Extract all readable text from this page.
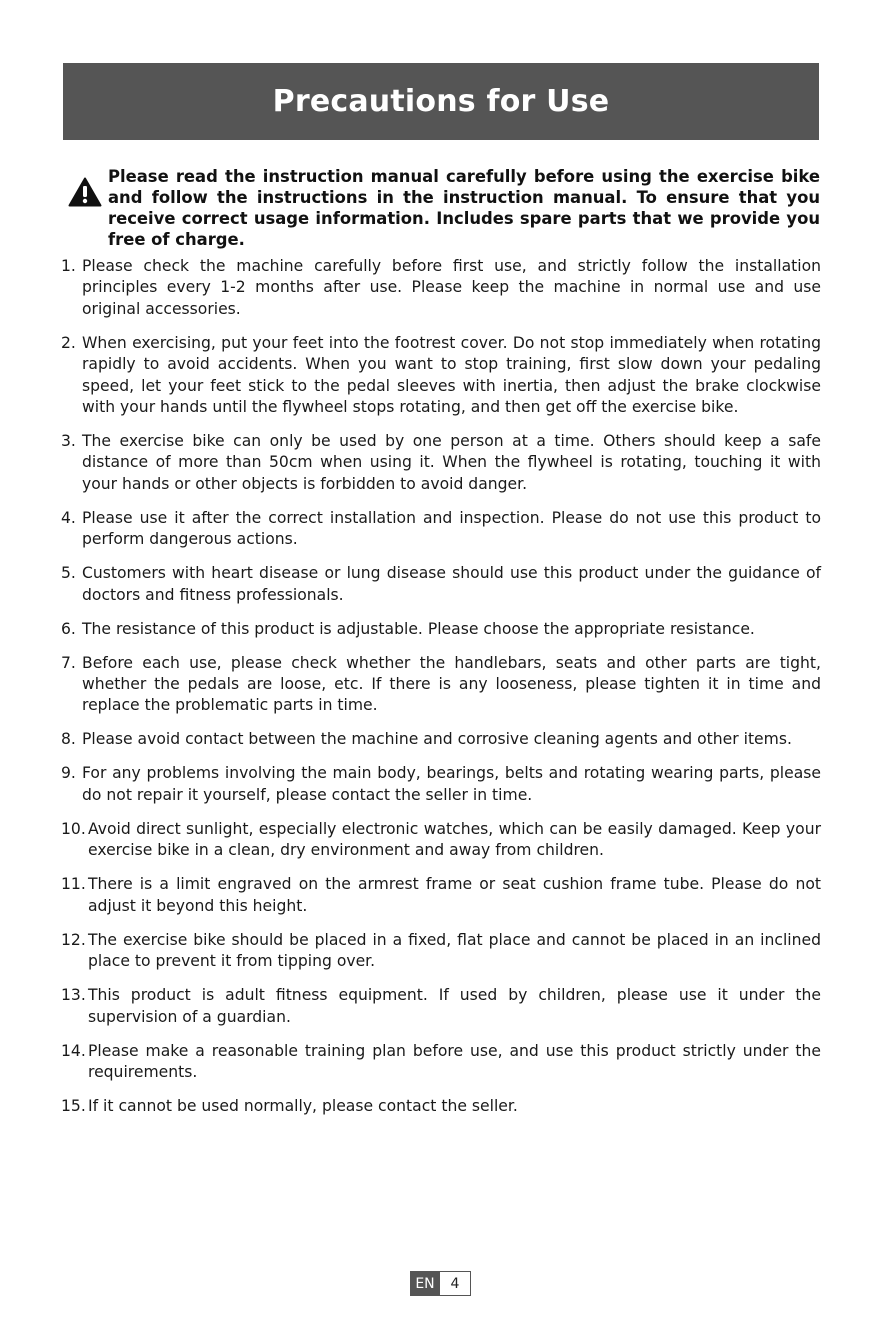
Precautions for Use
Please read the instruction manual carefully before using the exercise bike and follow the instructions in the instruction manual. To ensure that you receive correct usage information. Includes spare parts that we provide you free of charge.
1. Please check the machine carefully before first use, and strictly follow the installation principles every 1-2 months after use. Please keep the machine in normal use and use original accessories.
2. When exercising, put your feet into the footrest cover. Do not stop immediately when rotating rapidly to avoid accidents. When you want to stop training, first slow down your pedaling speed, let your feet stick to the pedal sleeves with inertia, then adjust the brake clockwise with your hands until the flywheel stops rotating, and then get off the exercise bike.
3. The exercise bike can only be used by one person at a time. Others should keep a safe distance of more than 50cm when using it. When the flywheel is rotating, touching it with your hands or other objects is forbidden to avoid danger.
4. Please use it after the correct installation and inspection. Please do not use this product to perform dangerous actions.
5. Customers with heart disease or lung disease should use this product under the guidance of doctors and fitness professionals.
6. The resistance of this product is adjustable. Please choose the appropriate resistance.
7. Before each use, please check whether the handlebars, seats and other parts are tight, whether the pedals are loose, etc. If there is any looseness, please tighten it in time and replace the problematic parts in time.
8. Please avoid contact between the machine and corrosive cleaning agents and other items.
9. For any problems involving the main body, bearings, belts and rotating wearing parts, please do not repair it yourself, please contact the seller in time.
10. Avoid direct sunlight, especially electronic watches, which can be easily damaged. Keep your exercise bike in a clean, dry environment and away from children.
11. There is a limit engraved on the armrest frame or seat cushion frame tube. Please do not adjust it beyond this height.
12. The exercise bike should be placed in a fixed, flat place and cannot be placed in an inclined place to prevent it from tipping over.
13. This product is adult fitness equipment. If used by children, please use it under the supervision of a guardian.
14. Please make a reasonable training plan before use, and use this product strictly under the requirements.
15. If it cannot be used normally, please contact the seller.
EN	4
